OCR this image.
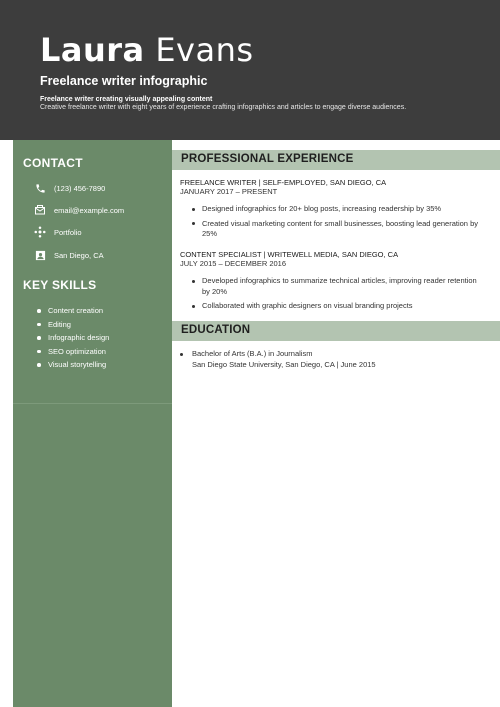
Laura Evans
Freelance writer infographic
Freelance writer creating visually appealing content
Creative freelance writer with eight years of experience crafting infographics and articles to engage diverse audiences.
CONTACT
(123) 456-7890
email@example.com
Portfolio
San Diego, CA
KEY SKILLS
Content creation
Editing
Infographic design
SEO optimization
Visual storytelling
PROFESSIONAL EXPERIENCE
FREELANCE WRITER | SELF-EMPLOYED, SAN DIEGO, CA
JANUARY 2017 – PRESENT
Designed infographics for 20+ blog posts, increasing readership by 35%
Created visual marketing content for small businesses, boosting lead generation by 25%
CONTENT SPECIALIST | WRITEWELL MEDIA, SAN DIEGO, CA
JULY 2015 – DECEMBER 2016
Developed infographics to summarize technical articles, improving reader retention by 20%
Collaborated with graphic designers on visual branding projects
EDUCATION
Bachelor of Arts (B.A.) in Journalism
San Diego State University, San Diego, CA | June 2015
